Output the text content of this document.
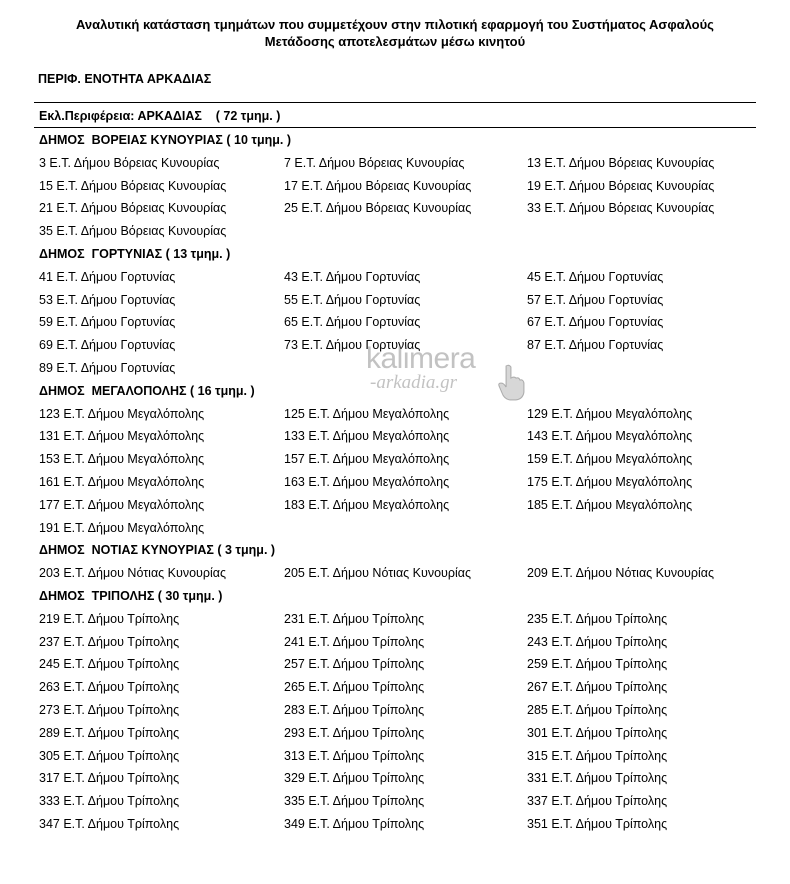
Αναλυτική κατάσταση τμημάτων που συμμετέχουν στην πιλοτική εφαρμογή του Συστήματος Ασφαλούς
Μετάδοσης αποτελεσμάτων μέσω κινητού
ΠΕΡΙΦ. ΕΝΟΤΗΤΑ ΑΡΚΑΔΙΑΣ
Εκλ.Περιφέρεια: ΑΡΚΑΔΙΑΣ    ( 72 τμημ. )
ΔΗΜΟΣ  ΒΟΡΕΙΑΣ ΚΥΝΟΥΡΙΑΣ ( 10 τμημ. )
3 Ε.Τ. Δήμου Βόρειας Κυνουρίας	7 Ε.Τ. Δήμου Βόρειας Κυνουρίας	13 Ε.Τ. Δήμου Βόρειας Κυνουρίας
15 Ε.Τ. Δήμου Βόρειας Κυνουρίας	17 Ε.Τ. Δήμου Βόρειας Κυνουρίας	19 Ε.Τ. Δήμου Βόρειας Κυνουρίας
21 Ε.Τ. Δήμου Βόρειας Κυνουρίας	25 Ε.Τ. Δήμου Βόρειας Κυνουρίας	33 Ε.Τ. Δήμου Βόρειας Κυνουρίας
35 Ε.Τ. Δήμου Βόρειας Κυνουρίας
ΔΗΜΟΣ  ΓΟΡΤΥΝΙΑΣ ( 13 τμημ. )
41 Ε.Τ. Δήμου Γορτυνίας	43 Ε.Τ. Δήμου Γορτυνίας	45 Ε.Τ. Δήμου Γορτυνίας
53 Ε.Τ. Δήμου Γορτυνίας	55 Ε.Τ. Δήμου Γορτυνίας	57 Ε.Τ. Δήμου Γορτυνίας
59 Ε.Τ. Δήμου Γορτυνίας	65 Ε.Τ. Δήμου Γορτυνίας	67 Ε.Τ. Δήμου Γορτυνίας
69 Ε.Τ. Δήμου Γορτυνίας	73 Ε.Τ. Δήμου Γορτυνίας	87 Ε.Τ. Δήμου Γορτυνίας
89 Ε.Τ. Δήμου Γορτυνίας
ΔΗΜΟΣ  ΜΕΓΑΛΟΠΟΛΗΣ ( 16 τμημ. )
123 Ε.Τ. Δήμου Μεγαλόπολης	125 Ε.Τ. Δήμου Μεγαλόπολης	129 Ε.Τ. Δήμου Μεγαλόπολης
131 Ε.Τ. Δήμου Μεγαλόπολης	133 Ε.Τ. Δήμου Μεγαλόπολης	143 Ε.Τ. Δήμου Μεγαλόπολης
153 Ε.Τ. Δήμου Μεγαλόπολης	157 Ε.Τ. Δήμου Μεγαλόπολης	159 Ε.Τ. Δήμου Μεγαλόπολης
161 Ε.Τ. Δήμου Μεγαλόπολης	163 Ε.Τ. Δήμου Μεγαλόπολης	175 Ε.Τ. Δήμου Μεγαλόπολης
177 Ε.Τ. Δήμου Μεγαλόπολης	183 Ε.Τ. Δήμου Μεγαλόπολης	185 Ε.Τ. Δήμου Μεγαλόπολης
191 Ε.Τ. Δήμου Μεγαλόπολης
ΔΗΜΟΣ  ΝΟΤΙΑΣ ΚΥΝΟΥΡΙΑΣ ( 3 τμημ. )
203 Ε.Τ. Δήμου Νότιας Κυνουρίας	205 Ε.Τ. Δήμου Νότιας Κυνουρίας	209 Ε.Τ. Δήμου Νότιας Κυνουρίας
ΔΗΜΟΣ  ΤΡΙΠΟΛΗΣ ( 30 τμημ. )
219 Ε.Τ. Δήμου Τρίπολης	231 Ε.Τ. Δήμου Τρίπολης	235 Ε.Τ. Δήμου Τρίπολης
237 Ε.Τ. Δήμου Τρίπολης	241 Ε.Τ. Δήμου Τρίπολης	243 Ε.Τ. Δήμου Τρίπολης
245 Ε.Τ. Δήμου Τρίπολης	257 Ε.Τ. Δήμου Τρίπολης	259 Ε.Τ. Δήμου Τρίπολης
263 Ε.Τ. Δήμου Τρίπολης	265 Ε.Τ. Δήμου Τρίπολης	267 Ε.Τ. Δήμου Τρίπολης
273 Ε.Τ. Δήμου Τρίπολης	283 Ε.Τ. Δήμου Τρίπολης	285 Ε.Τ. Δήμου Τρίπολης
289 Ε.Τ. Δήμου Τρίπολης	293 Ε.Τ. Δήμου Τρίπολης	301 Ε.Τ. Δήμου Τρίπολης
305 Ε.Τ. Δήμου Τρίπολης	313 Ε.Τ. Δήμου Τρίπολης	315 Ε.Τ. Δήμου Τρίπολης
317 Ε.Τ. Δήμου Τρίπολης	329 Ε.Τ. Δήμου Τρίπολης	331 Ε.Τ. Δήμου Τρίπολης
333 Ε.Τ. Δήμου Τρίπολης	335 Ε.Τ. Δήμου Τρίπολης	337 Ε.Τ. Δήμου Τρίπολης
347 Ε.Τ. Δήμου Τρίπολης	349 Ε.Τ. Δήμου Τρίπολης	351 Ε.Τ. Δήμου Τρίπολης
kalimera
-arkadia.gr
